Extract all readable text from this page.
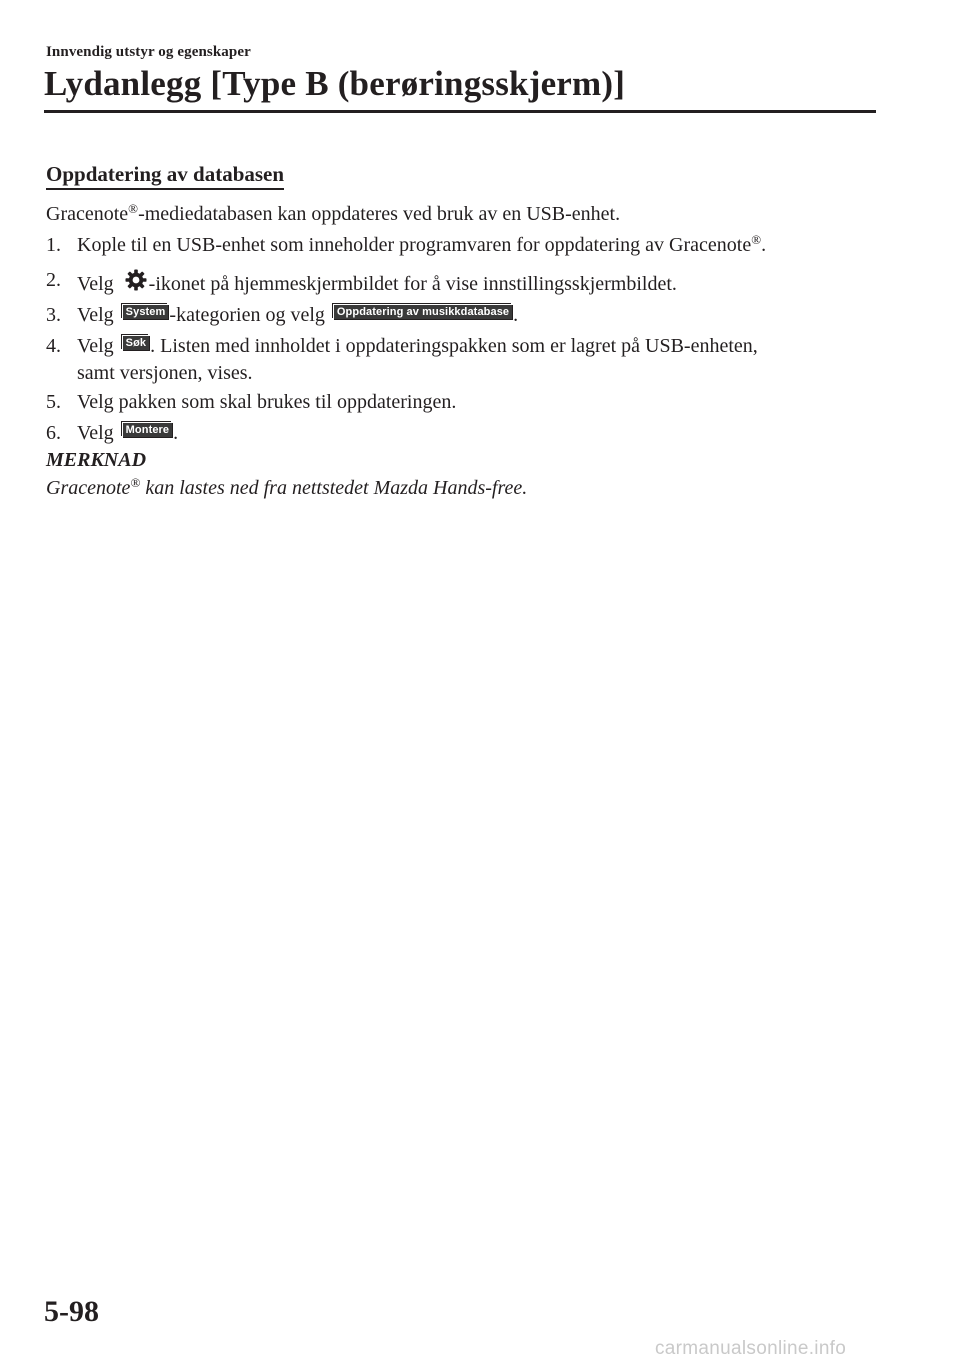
Innvendig utstyr og egenskaper
Lydanlegg [Type B (berøringsskjerm)]
Oppdatering av databasen
Gracenote®-mediedatabasen kan oppdateres ved bruk av en USB-enhet.
1. Kople til en USB-enhet som inneholder programvaren for oppdatering av Gracenote®.
2. Velg -ikonet på hjemmeskjermbildet for å vise innstillingsskjermbildet.
3. Velg System -kategorien og velg Oppdatering av musikkdatabase .
4. Velg Søk . Listen med innholdet i oppdateringspakken som er lagret på USB-enheten,
samt versjonen, vises.
5. Velg pakken som skal brukes til oppdateringen.
6. Velg Montere .
MERKNAD
Gracenote® kan lastes ned fra nettstedet Mazda Hands-free.
5-98
carmanualsonline.info
